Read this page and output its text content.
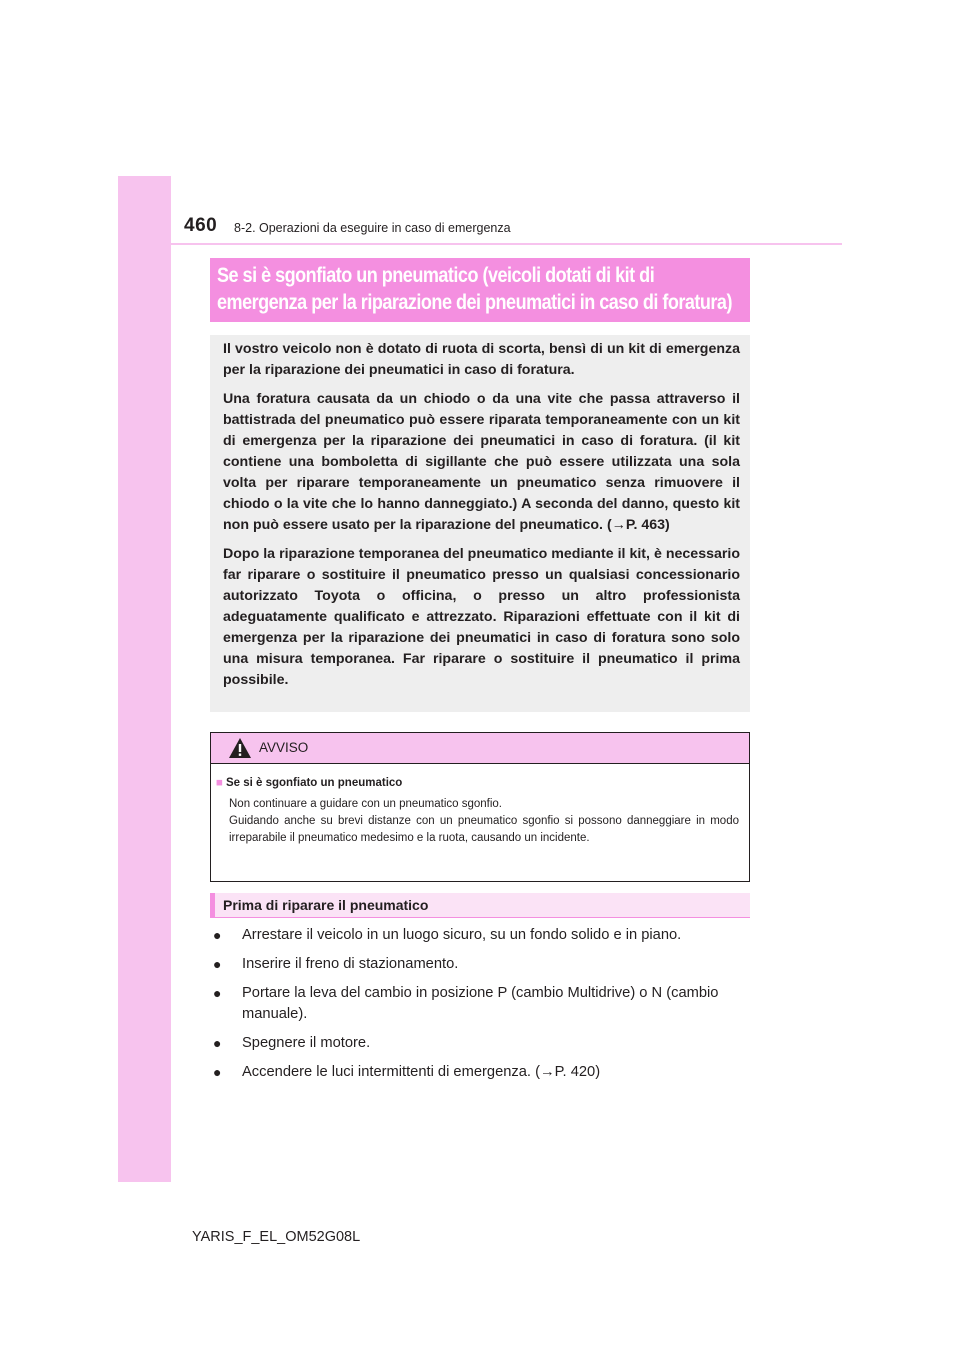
460 8-2. Operazioni da eseguire in caso di emergenza
Se si è sgonfiato un pneumatico (veicoli dotati di kit di
emergenza per la riparazione dei pneumatici in caso di foratura)

Il vostro veicolo non è dotato di ruota di scorta, bensì di un kit di emergenza per la riparazione dei pneumatici in caso di foratura.

Una foratura causata da un chiodo o da una vite che passa attraverso il battistrada del pneumatico può essere riparata temporaneamente con un kit di emergenza per la riparazione dei pneumatici in caso di foratura. (il kit contiene una bomboletta di sigillante che può essere utilizzata una sola volta per riparare temporaneamente un pneumatico senza rimuovere il chiodo o la vite che lo hanno danneggiato.) A seconda del danno, questo kit non può essere usato per la riparazione del pneumatico. (→P. 463)

Dopo la riparazione temporanea del pneumatico mediante il kit, è necessario far riparare o sostituire il pneumatico presso un qualsiasi concessionario autorizzato Toyota o officina, o presso un altro professionista adeguatamente qualificato e attrezzato. Riparazioni effettuate con il kit di emergenza per la riparazione dei pneumatici in caso di foratura sono solo una misura temporanea. Far riparare o sostituire il pneumatico il prima possibile.

AVVISO
■ Se si è sgonfiato un pneumatico
Non continuare a guidare con un pneumatico sgonfio.
Guidando anche su brevi distanze con un pneumatico sgonfio si possono danneggiare in modo irreparabile il pneumatico medesimo e la ruota, causando un incidente.
Prima di riparare il pneumatico
● Arrestare il veicolo in un luogo sicuro, su un fondo solido e in piano.
● Inserire il freno di stazionamento.
● Portare la leva del cambio in posizione P (cambio Multidrive) o N (cambio manuale).
● Spegnere il motore.
● Accendere le luci intermittenti di emergenza. (→P. 420)
YARIS_F_EL_OM52G08L
